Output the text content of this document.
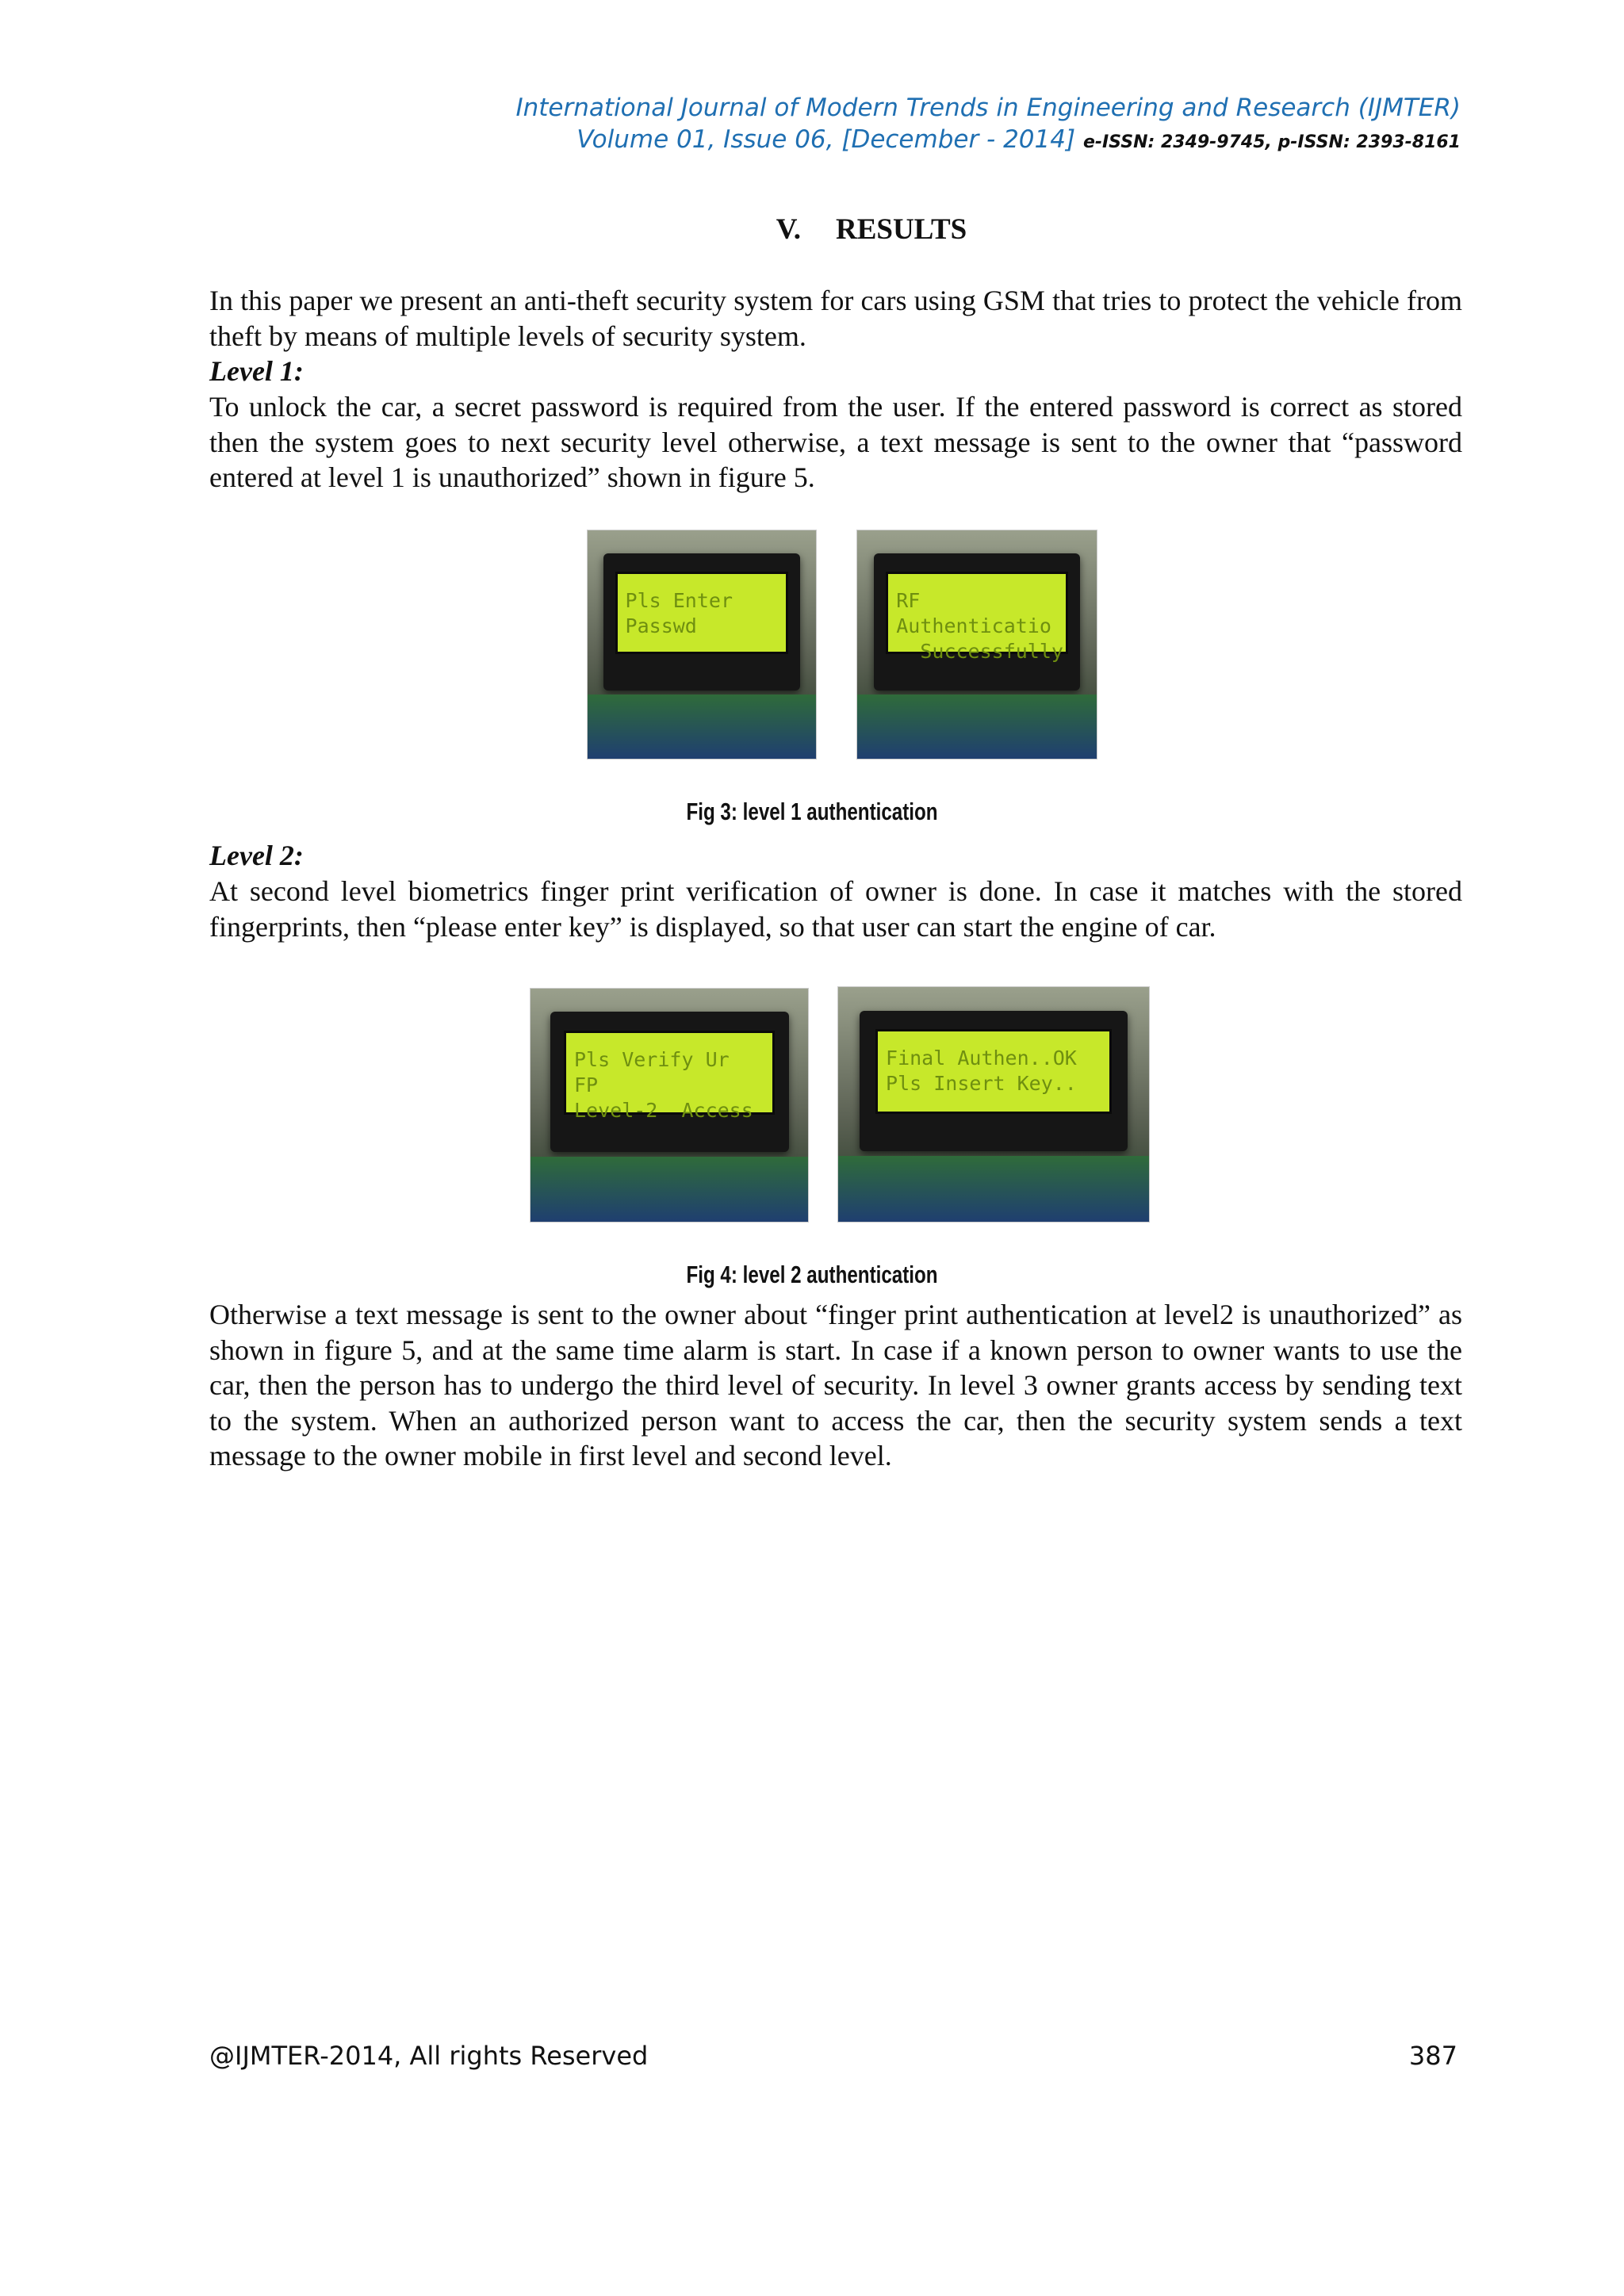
International Journal of Modern Trends in Engineering and Research (IJMTER)
Volume 01, Issue 06, [December - 2014] e-ISSN: 2349-9745, p-ISSN: 2393-8161
V. RESULTS

In this paper we present an anti-theft security system for cars using GSM that tries to protect the vehicle from theft by means of multiple levels of security system.

Level 1:

To unlock the car, a secret password is required from the user. If the entered password is correct as stored then the system goes to next security level otherwise, a text message is sent to the owner that “password entered at level 1 is unauthorized” shown in figure 5.

Pls Enter Passwd
RF Authenticatio
Successfully
Fig 3: level 1 authentication

Level 2:

At second level biometrics finger print verification of owner is done. In case it matches with the stored fingerprints, then “please enter key” is displayed, so that user can start the engine of car.

Pls Verify Ur FP
Level-2  Access
Final Authen..OK
Pls Insert Key..
Fig 4: level 2 authentication

Otherwise a text message is sent to the owner about “finger print authentication at level2 is unauthorized” as shown in figure 5, and at the same time alarm is start. In case if a known person to owner wants to use the car, then the person has to undergo the third level of security. In level 3 owner grants access by sending text to the system. When an authorized person want to access the car, then the security system sends a text message to the owner mobile in first level and second level.

@IJMTER-2014, All rights Reserved	387
